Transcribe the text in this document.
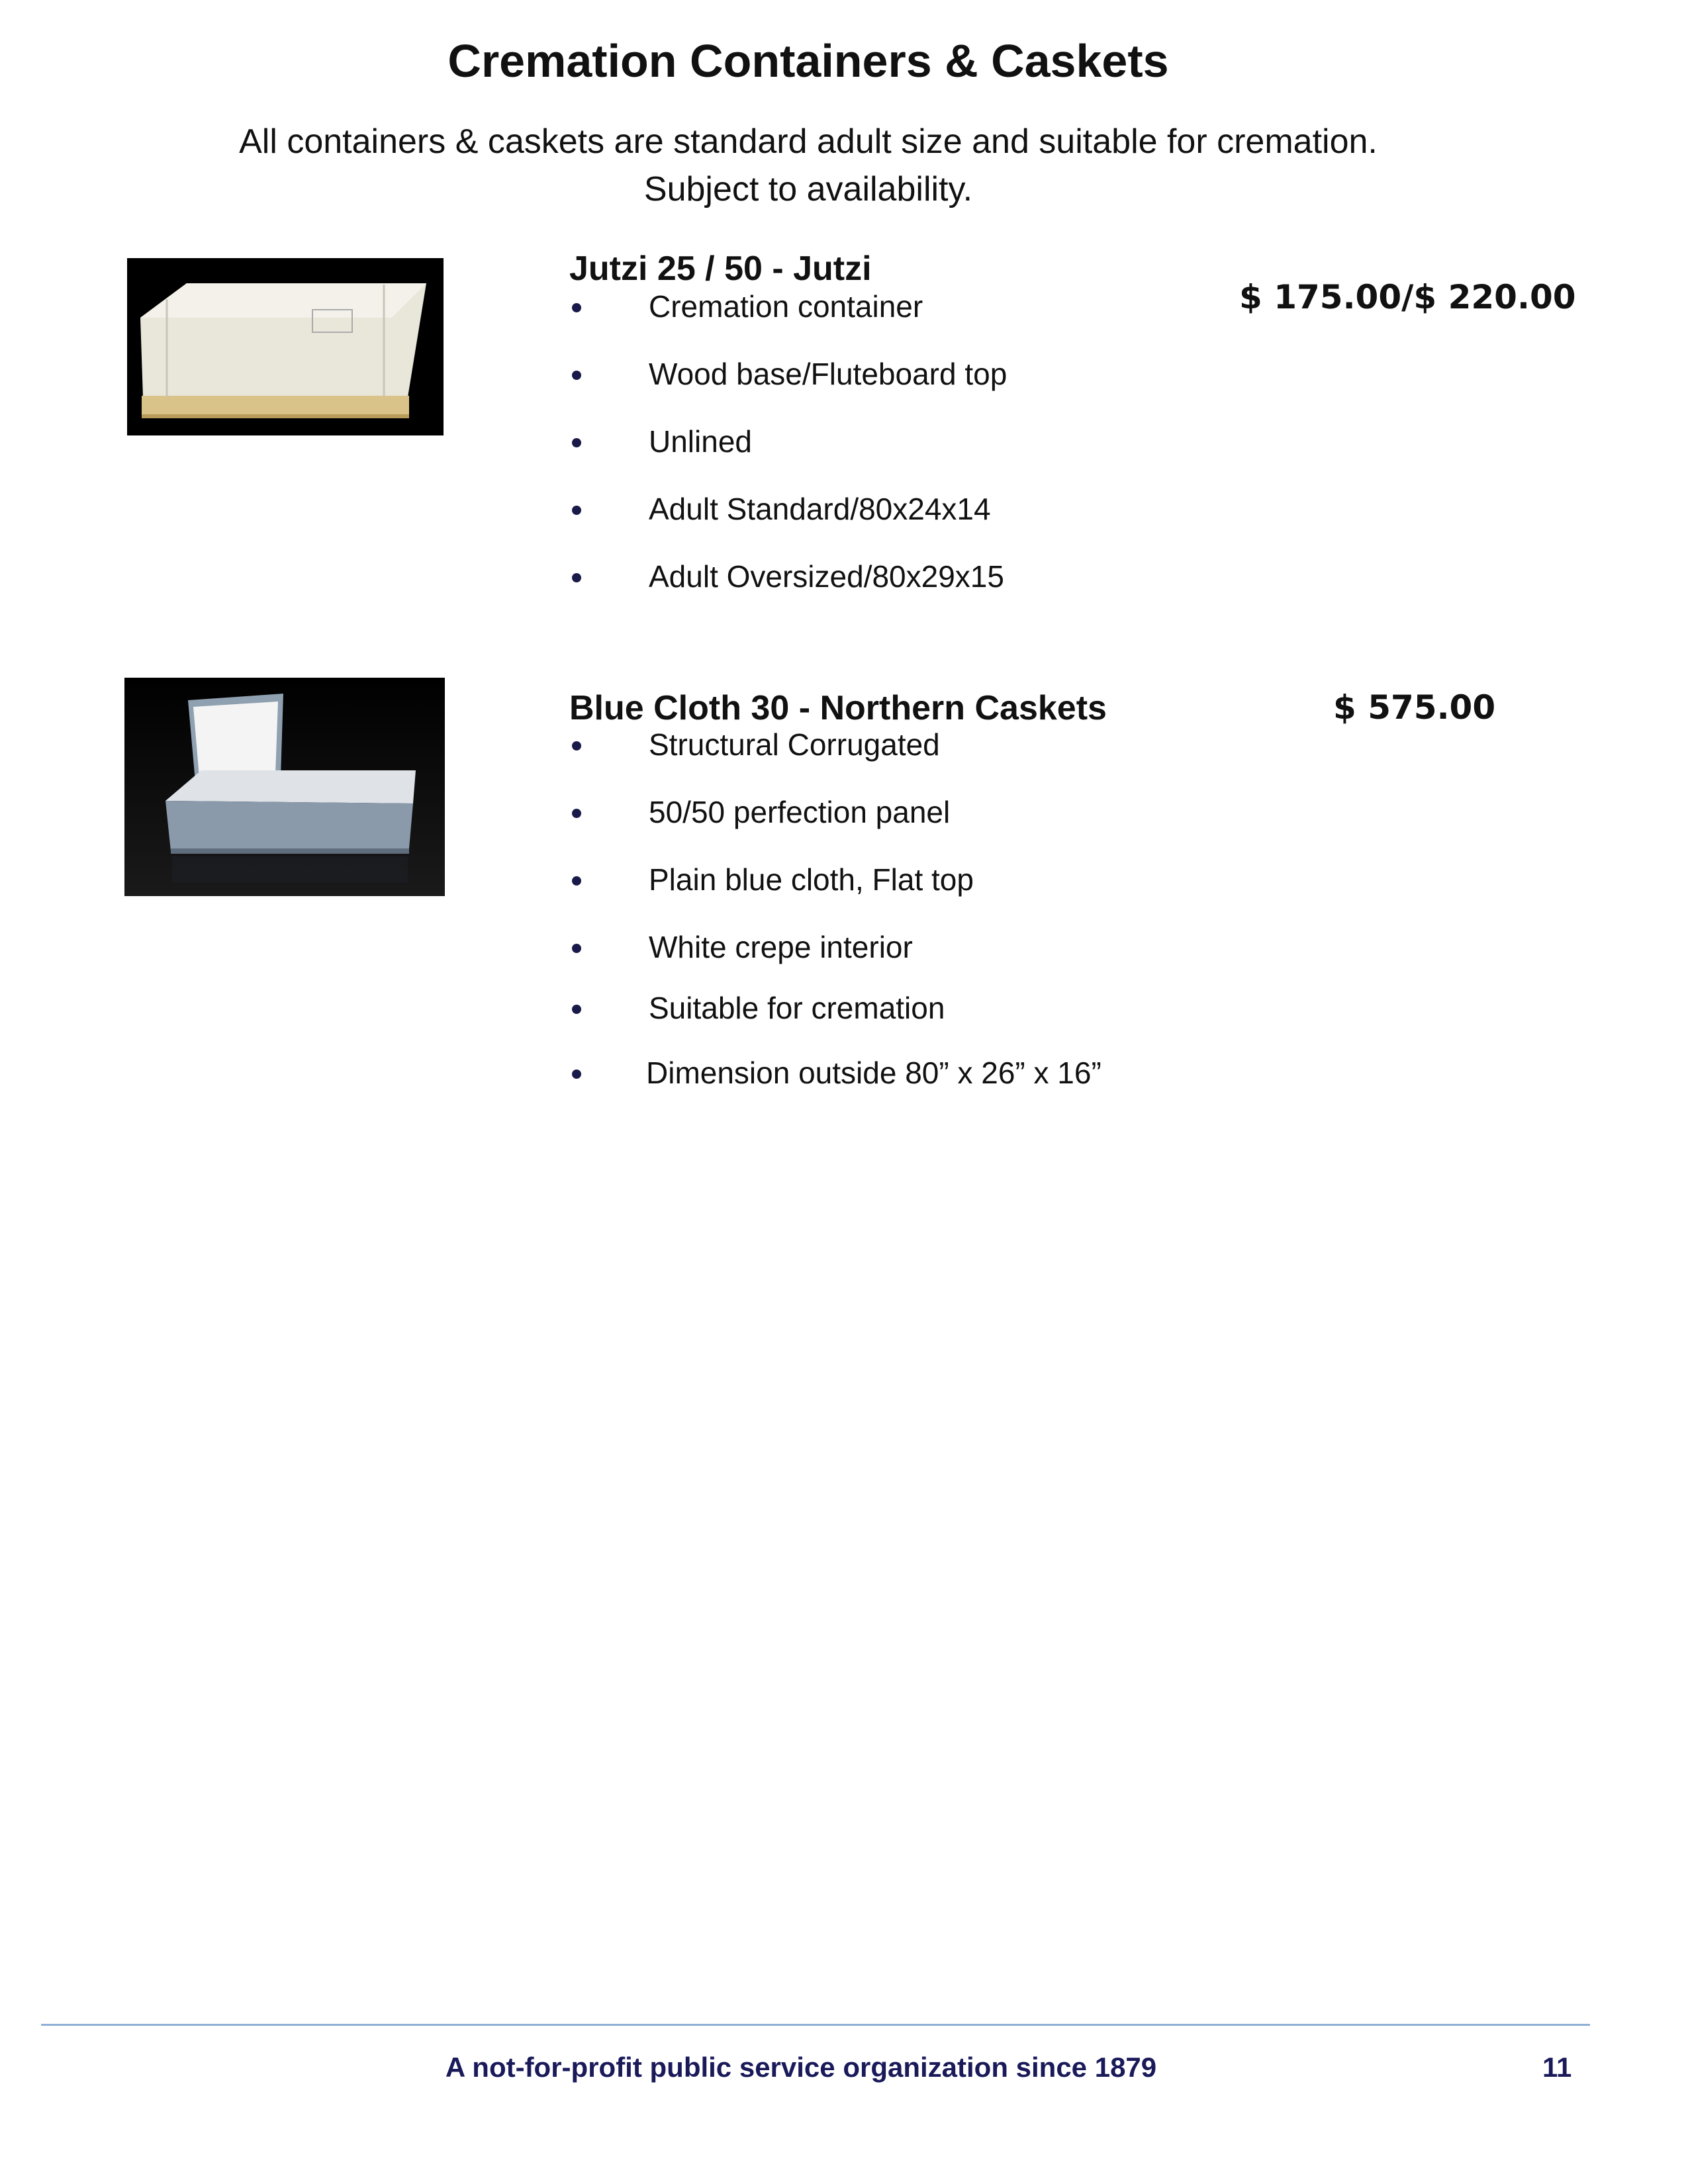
Cremation Containers & Caskets
All containers & caskets are standard adult size and suitable for cremation.
Subject to availability.
Jutzi 25 / 50 - Jutzi
$ 175.00/$ 220.00
Cremation container
Wood base/Fluteboard top
Unlined
Adult Standard/80x24x14
Adult Oversized/80x29x15
Blue Cloth 30 - Northern Caskets	$ 575.00
Structural Corrugated
50/50 perfection panel
Plain blue cloth, Flat top
White crepe interior
Suitable for cremation
Dimension outside 80” x 26” x 16”
A not-for-profit public service organization since 1879	11
